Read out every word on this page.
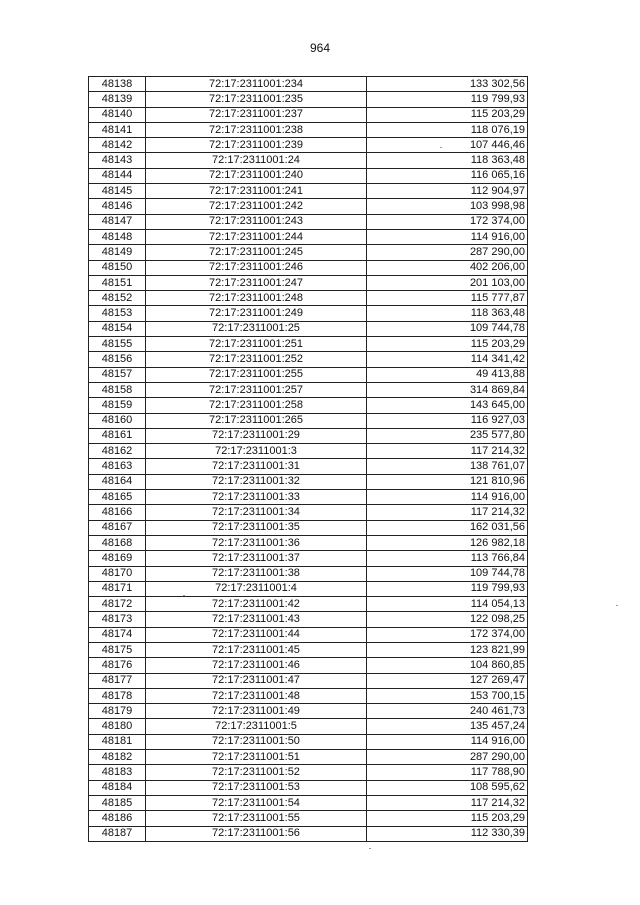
964
48138	72:17:2311001:234	133 302,56
48139	72:17:2311001:235	119 799,93
48140	72:17:2311001:237	115 203,29
48141	72:17:2311001:238	118 076,19
48142	72:17:2311001:239	107 446,46
48143	72:17:2311001:24	118 363,48
48144	72:17:2311001:240	116 065,16
48145	72:17:2311001:241	112 904,97
48146	72:17:2311001:242	103 998,98
48147	72:17:2311001:243	172 374,00
48148	72:17:2311001:244	114 916,00
48149	72:17:2311001:245	287 290,00
48150	72:17:2311001:246	402 206,00
48151	72:17:2311001:247	201 103,00
48152	72:17:2311001:248	115 777,87
48153	72:17:2311001:249	118 363,48
48154	72:17:2311001:25	109 744,78
48155	72:17:2311001:251	115 203,29
48156	72:17:2311001:252	114 341,42
48157	72:17:2311001:255	49 413,88
48158	72:17:2311001:257	314 869,84
48159	72:17:2311001:258	143 645,00
48160	72:17:2311001:265	116 927,03
48161	72:17:2311001:29	235 577,80
48162	72:17:2311001:3	117 214,32
48163	72:17:2311001:31	138 761,07
48164	72:17:2311001:32	121 810,96
48165	72:17:2311001:33	114 916,00
48166	72:17:2311001:34	117 214,32
48167	72:17:2311001:35	162 031,56
48168	72:17:2311001:36	126 982,18
48169	72:17:2311001:37	113 766,84
48170	72:17:2311001:38	109 744,78
48171	72:17:2311001:4	119 799,93
48172	72:17:2311001:42	114 054,13
48173	72:17:2311001:43	122 098,25
48174	72:17:2311001:44	172 374,00
48175	72:17:2311001:45	123 821,99
48176	72:17:2311001:46	104 860,85
48177	72:17:2311001:47	127 269,47
48178	72:17:2311001:48	153 700,15
48179	72:17:2311001:49	240 461,73
48180	72:17:2311001:5	135 457,24
48181	72:17:2311001:50	114 916,00
48182	72:17:2311001:51	287 290,00
48183	72:17:2311001:52	117 788,90
48184	72:17:2311001:53	108 595,62
48185	72:17:2311001:54	117 214,32
48186	72:17:2311001:55	115 203,29
48187	72:17:2311001:56	112 330,39
